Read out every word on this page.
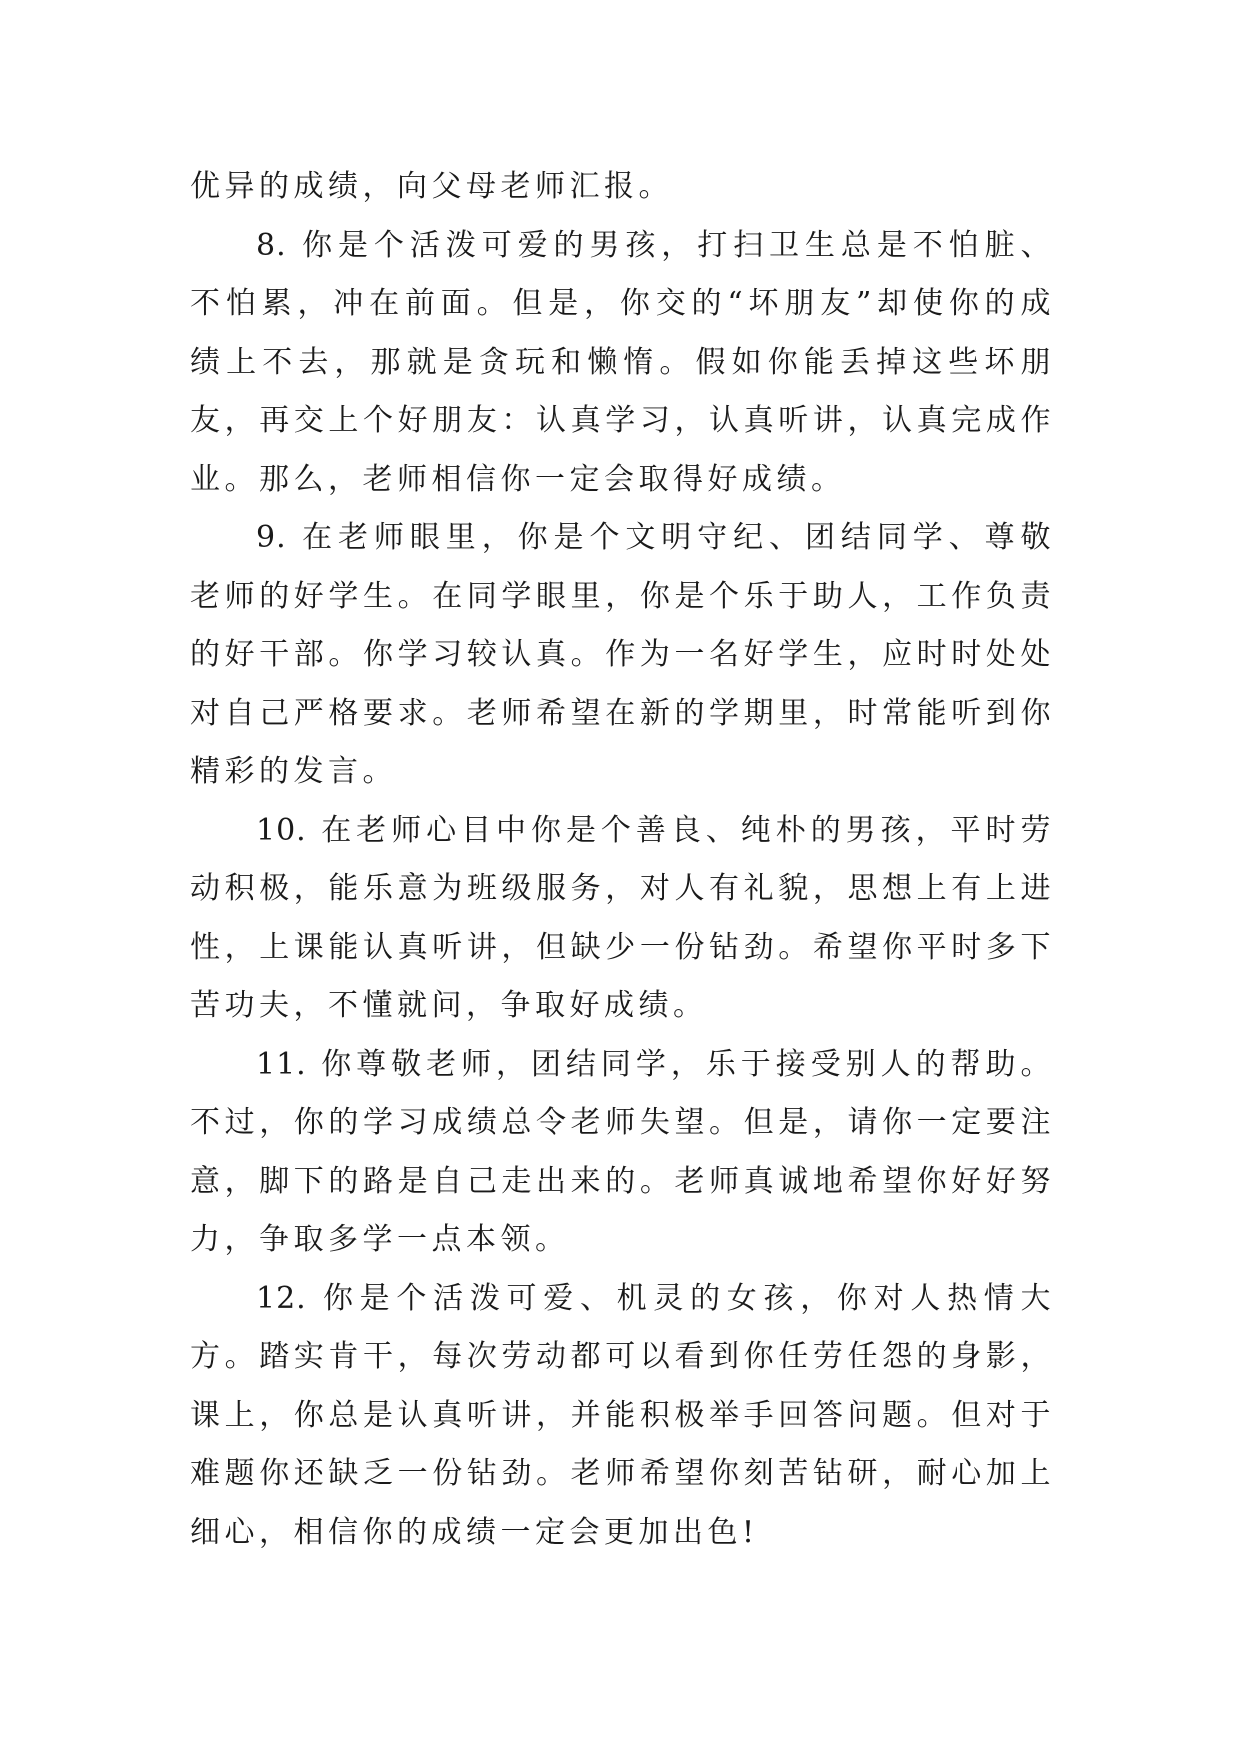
优异的成绩，向父母老师汇报。

8. 你是个活泼可爱的男孩，打扫卫生总是不怕脏、不怕累，冲在前面。但是，你交的“坏朋友”却使你的成绩上不去，那就是贪玩和懒惰。假如你能丢掉这些坏朋友，再交上个好朋友：认真学习，认真听讲，认真完成作业。那么，老师相信你一定会取得好成绩。

9. 在老师眼里，你是个文明守纪、团结同学、尊敬老师的好学生。在同学眼里，你是个乐于助人，工作负责的好干部。你学习较认真。作为一名好学生，应时时处处对自己严格要求。老师希望在新的学期里，时常能听到你精彩的发言。

10. 在老师心目中你是个善良、纯朴的男孩，平时劳动积极，能乐意为班级服务，对人有礼貌，思想上有上进性，上课能认真听讲，但缺少一份钻劲。希望你平时多下苦功夫，不懂就问，争取好成绩。

11. 你尊敬老师，团结同学，乐于接受别人的帮助。不过，你的学习成绩总令老师失望。但是，请你一定要注意，脚下的路是自己走出来的。老师真诚地希望你好好努力，争取多学一点本领。

12. 你是个活泼可爱、机灵的女孩，你对人热情大方。踏实肯干，每次劳动都可以看到你任劳任怨的身影，课上，你总是认真听讲，并能积极举手回答问题。但对于难题你还缺乏一份钻劲。老师希望你刻苦钻研，耐心加上细心，相信你的成绩一定会更加出色!
